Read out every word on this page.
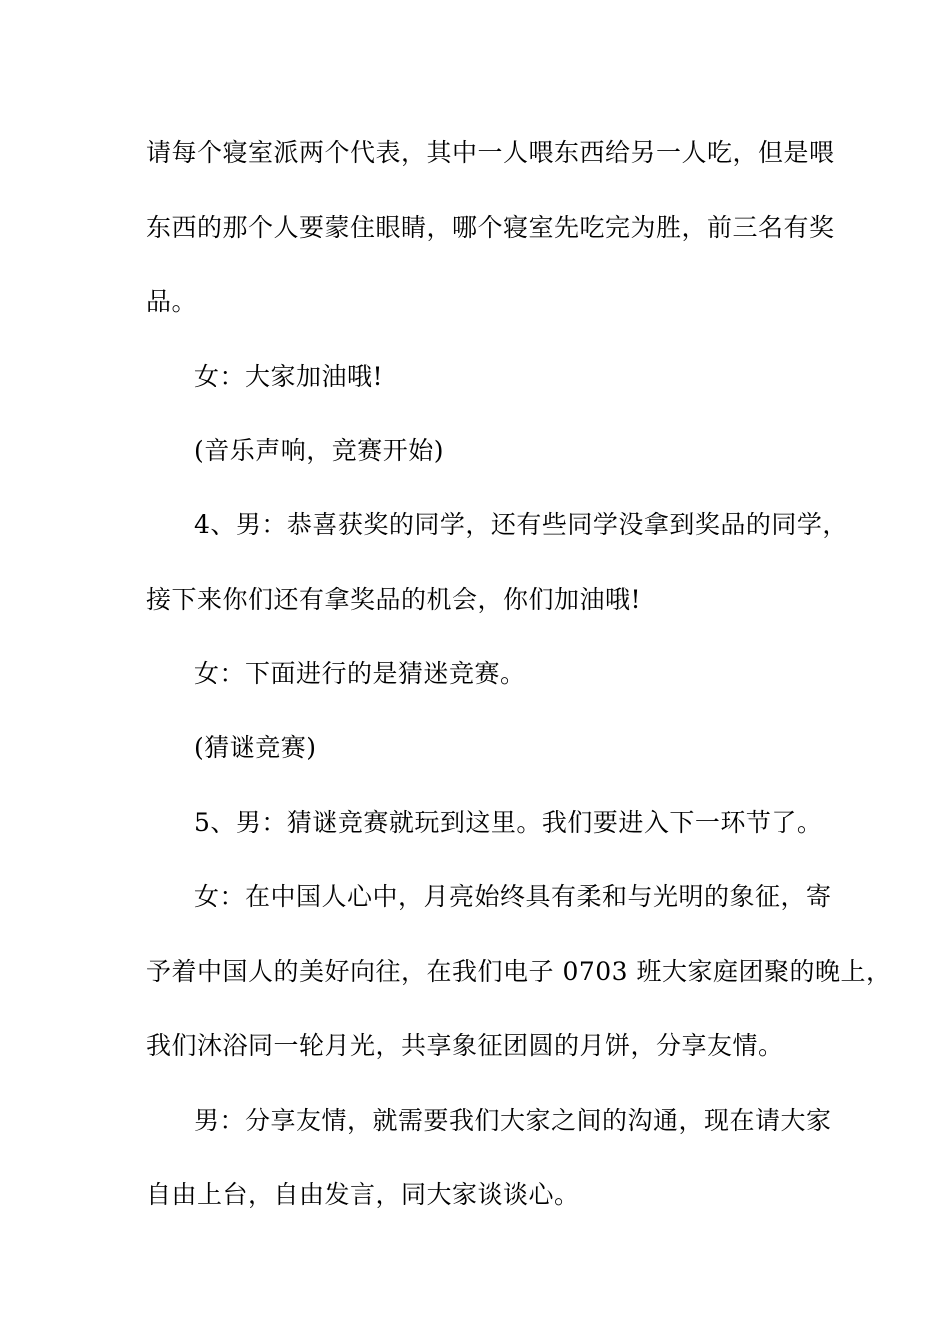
请每个寝室派两个代表，其中一人喂东西给另一人吃，但是喂
东西的那个人要蒙住眼睛，哪个寝室先吃完为胜，前三名有奖
品。
女：大家加油哦!
(音乐声响，竞赛开始)
4、男：恭喜获奖的同学，还有些同学没拿到奖品的同学，
接下来你们还有拿奖品的机会，你们加油哦!
女：下面进行的是猜迷竞赛。
(猜谜竞赛)
5、男：猜谜竞赛就玩到这里。我们要进入下一环节了。
女：在中国人心中，月亮始终具有柔和与光明的象征，寄
予着中国人的美好向往，在我们电子 0703 班大家庭团聚的晚上，
我们沐浴同一轮月光，共享象征团圆的月饼，分享友情。
男：分享友情，就需要我们大家之间的沟通，现在请大家
自由上台，自由发言，同大家谈谈心。
